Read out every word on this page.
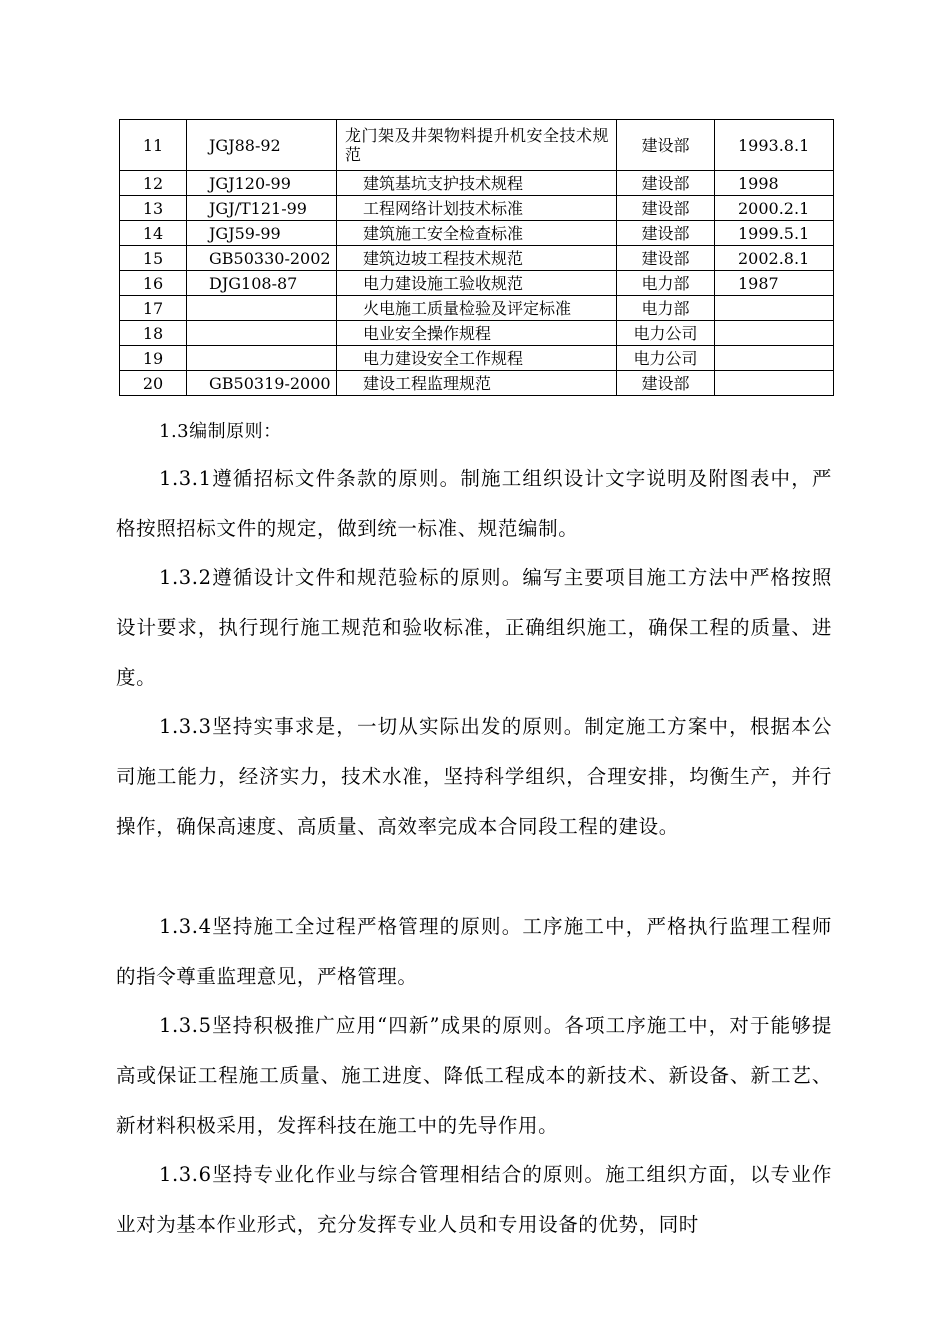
11	JGJ88-92	龙门架及井架物料提升机安全技术规范	建设部	1993.8.1
12	JGJ120-99	建筑基坑支护技术规程	建设部	1998
13	JGJ/T121-99	工程网络计划技术标准	建设部	2000.2.1
14	JGJ59-99	建筑施工安全检查标准	建设部	1999.5.1
15	GB50330-2002	建筑边坡工程技术规范	建设部	2002.8.1
16	DJG108-87	电力建设施工验收规范	电力部	1987
17		火电施工质量检验及评定标准	电力部	
18		电业安全操作规程	电力公司	
19		电力建设安全工作规程	电力公司	
20	GB50319-2000	建设工程监理规范	建设部	
1.3编制原则：

1.3.1遵循招标文件条款的原则。制施工组织设计文字说明及附图表中，严格按照招标文件的规定，做到统一标准、规范编制。

1.3.2遵循设计文件和规范验标的原则。编写主要项目施工方法中严格按照设计要求，执行现行施工规范和验收标准，正确组织施工，确保工程的质量、进度。

1.3.3坚持实事求是，一切从实际出发的原则。制定施工方案中，根据本公司施工能力，经济实力，技术水准，坚持科学组织，合理安排，均衡生产，并行操作，确保高速度、高质量、高效率完成本合同段工程的建设。

1.3.4坚持施工全过程严格管理的原则。工序施工中，严格执行监理工程师的指令尊重监理意见，严格管理。

1.3.5坚持积极推广应用“四新”成果的原则。各项工序施工中，对于能够提高或保证工程施工质量、施工进度、降低工程成本的新技术、新设备、新工艺、新材料积极采用，发挥科技在施工中的先导作用。

1.3.6坚持专业化作业与综合管理相结合的原则。施工组织方面，以专业作业对为基本作业形式，充分发挥专业人员和专用设备的优势，同时
